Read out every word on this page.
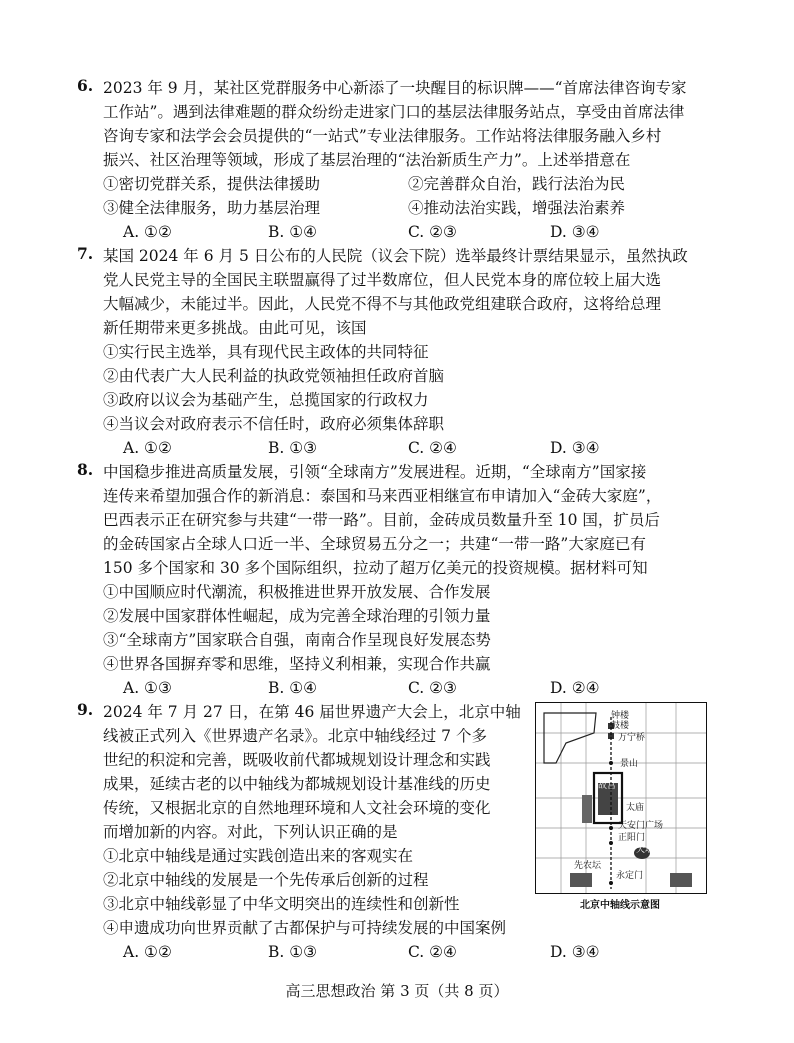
6. 2023 年 9 月，某社区党群服务中心新添了一块醒目的标识牌——“首席法律咨询专家
工作站”。遇到法律难题的群众纷纷走进家门口的基层法律服务站点，享受由首席法律
咨询专家和法学会会员提供的“一站式”专业法律服务。工作站将法律服务融入乡村
振兴、社区治理等领域，形成了基层治理的“法治新质生产力”。上述举措意在
①密切党群关系，提供法律援助	②完善群众自治，践行法治为民
③健全法律服务，助力基层治理	④推动法治实践，增强法治素养
A. ①②	B. ①④	C. ②③	D. ③④
7. 某国 2024 年 6 月 5 日公布的人民院（议会下院）选举最终计票结果显示，虽然执政
党人民党主导的全国民主联盟赢得了过半数席位，但人民党本身的席位较上届大选
大幅减少，未能过半。因此，人民党不得不与其他政党组建联合政府，这将给总理
新任期带来更多挑战。由此可见，该国
①实行民主选举，具有现代民主政体的共同特征
②由代表广大人民利益的执政党领袖担任政府首脑
③政府以议会为基础产生，总揽国家的行政权力
④当议会对政府表示不信任时，政府必须集体辞职
A. ①②	B. ①③	C. ②④	D. ③④
8. 中国稳步推进高质量发展，引领“全球南方”发展进程。近期，“全球南方”国家接
连传来希望加强合作的新消息：泰国和马来西亚相继宣布申请加入“金砖大家庭”，
巴西表示正在研究参与共建“一带一路”。目前，金砖成员数量升至 10 国，扩员后
的金砖国家占全球人口近一半、全球贸易五分之一；共建“一带一路”大家庭已有
150 多个国家和 30 多个国际组织，拉动了超万亿美元的投资规模。据材料可知
①中国顺应时代潮流，积极推进世界开放发展、合作发展
②发展中国家群体性崛起，成为完善全球治理的引领力量
③“全球南方”国家联合自强，南南合作呈现良好发展态势
④世界各国摒弃零和思维，坚持义利相兼，实现合作共赢
A. ①③	B. ①④	C. ②③	D. ②④
9. 2024 年 7 月 27 日，在第 46 届世界遗产大会上，北京中轴
线被正式列入《世界遗产名录》。北京中轴线经过 7 个多
世纪的积淀和完善，既吸收前代都城规划设计理念和实践
成果，延续古老的以中轴线为都城规划设计基准线的历史
传统，又根据北京的自然地理环境和人文社会环境的变化
而增加新的内容。对此，下列认识正确的是
①北京中轴线是通过实践创造出来的客观实在
②北京中轴线的发展是一个先传承后创新的过程
③北京中轴线彰显了中华文明突出的连续性和创新性
④申遗成功向世界贡献了古都保护与可持续发展的中国案例
A. ①②	B. ①③	C. ②④	D. ③④
钟楼
鼓楼
万宁桥
景山
故宫
太庙
天安门广场
正阳门
天坛
先农坛
永定门
北京中轴线示意图
高三思想政治 第 3 页（共 8 页）
